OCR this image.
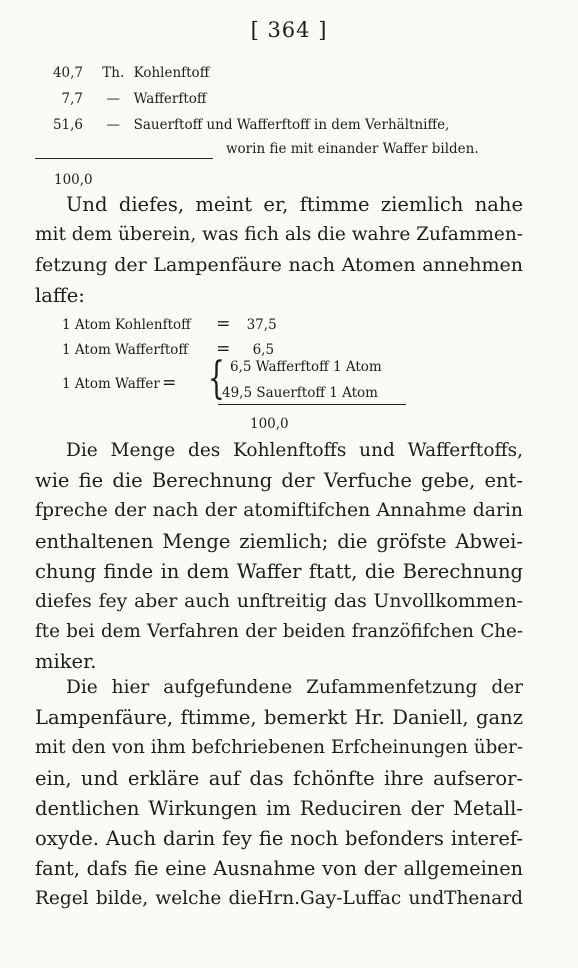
[ 364 ]
40,7 Th. Kohlenftoff
7,7 — Wafferftoff
51,6 — Sauerftoff und Wafferftoff in dem Verhältniffe,
worin fie mit einander Waffer bilden.
100,0
Und diefes, meint er, ftimme ziemlich nahe
mit dem überein, was fich als die wahre Zufammen-
fetzung der Lampenfäure nach Atomen annehmen
laffe:
1 Atom Kohlenftoff = 37,5
1 Atom Wafferftoff = 6,5
1 Atom Waffer = { 6,5 Wafferftoff 1 Atom
49,5 Sauerftoff 1 Atom
100,0
Die Menge des Kohlenftoffs und Wafferftoffs,
wie fie die Berechnung der Verfuche gebe, ent-
fpreche der nach der atomiftifchen Annahme darin
enthaltenen Menge ziemlich; die gröfste Abwei-
chung finde in dem Waffer ftatt, die Berechnung
diefes fey aber auch unftreitig das Unvollkommen-
fte bei dem Verfahren der beiden franzöfifchen Che-
miker.
Die hier aufgefundene Zufammenfetzung der
Lampenfäure, ftimme, bemerkt Hr. Daniell, ganz
mit den von ihm befchriebenen Erfcheinungen über-
ein, und erkläre auf das fchönfte ihre aufseror-
dentlichen Wirkungen im Reduciren der Metall-
oxyde. Auch darin fey fie noch befonders interef-
fant, dafs fie eine Ausnahme von der allgemeinen
Regel bilde, welche dieHrn.Gay-Luffac undThenard
